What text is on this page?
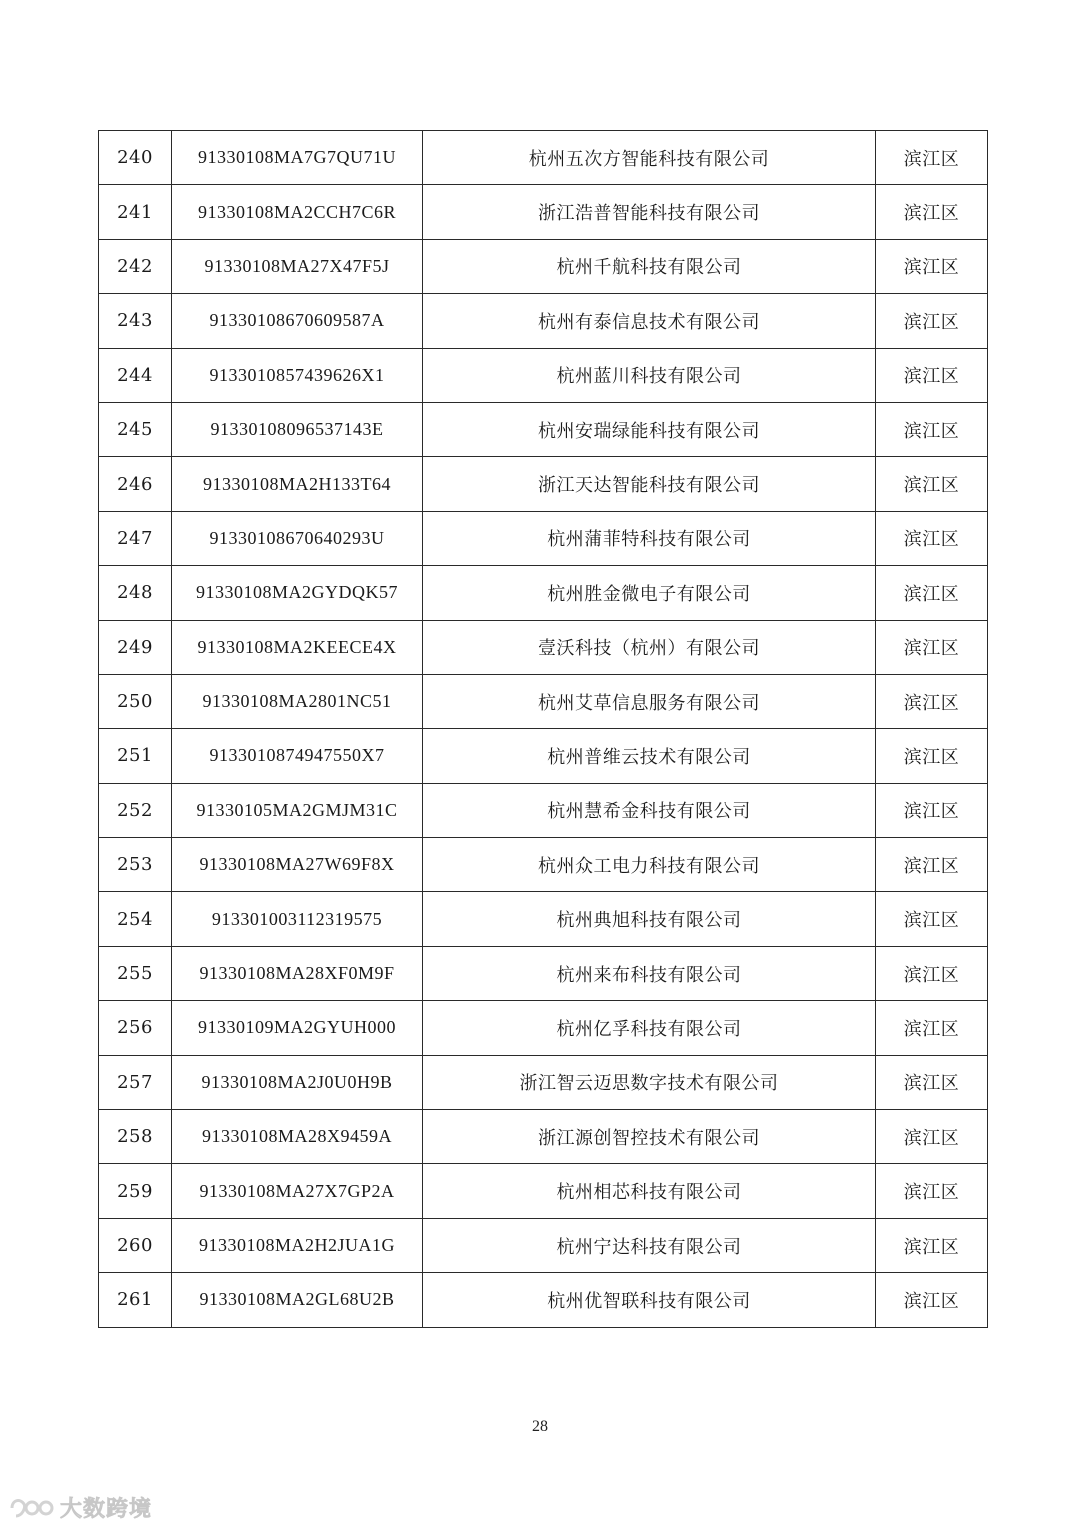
240	91330108MA7G7QU71U	杭州五次方智能科技有限公司	滨江区
241	91330108MA2CCH7C6R	浙江浩普智能科技有限公司	滨江区
242	91330108MA27X47F5J	杭州千航科技有限公司	滨江区
243	91330108670609587A	杭州有泰信息技术有限公司	滨江区
244	9133010857439626X1	杭州蓝川科技有限公司	滨江区
245	91330108096537143E	杭州安瑞绿能科技有限公司	滨江区
246	91330108MA2H133T64	浙江天达智能科技有限公司	滨江区
247	91330108670640293U	杭州蒲菲特科技有限公司	滨江区
248	91330108MA2GYDQK57	杭州胜金微电子有限公司	滨江区
249	91330108MA2KEECE4X	壹沃科技（杭州）有限公司	滨江区
250	91330108MA2801NC51	杭州艾草信息服务有限公司	滨江区
251	9133010874947550X7	杭州普维云技术有限公司	滨江区
252	91330105MA2GMJM31C	杭州慧希金科技有限公司	滨江区
253	91330108MA27W69F8X	杭州众工电力科技有限公司	滨江区
254	913301003112319575	杭州典旭科技有限公司	滨江区
255	91330108MA28XF0M9F	杭州来布科技有限公司	滨江区
256	91330109MA2GYUH000	杭州亿孚科技有限公司	滨江区
257	91330108MA2J0U0H9B	浙江智云迈思数字技术有限公司	滨江区
258	91330108MA28X9459A	浙江源创智控技术有限公司	滨江区
259	91330108MA27X7GP2A	杭州相芯科技有限公司	滨江区
260	91330108MA2H2JUA1G	杭州宁达科技有限公司	滨江区
261	91330108MA2GL68U2B	杭州优智联科技有限公司	滨江区
28
大数跨境
